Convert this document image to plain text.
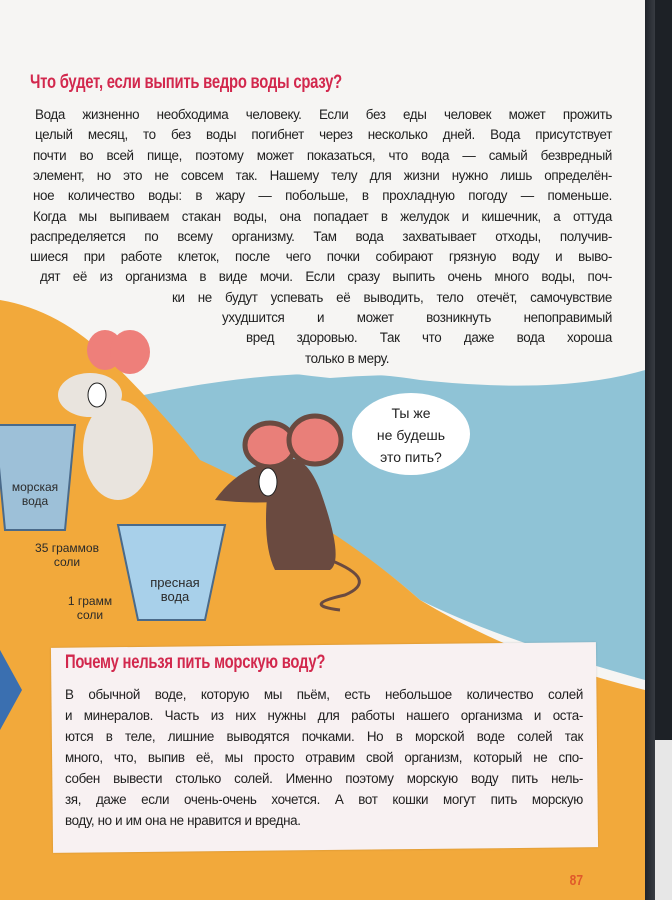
Что будет, если выпить ведро воды сразу?
Вода жизненно необходима человеку. Если без еды человек может прожить
целый месяц, то без воды погибнет через несколько дней. Вода присутствует
почти во всей пище, поэтому может показаться, что вода — самый безвредный
элемент, но это не совсем так. Нашему телу для жизни нужно лишь определён-
ное количество воды: в жару — побольше, в прохладную погоду — поменьше.
Когда мы выпиваем стакан воды, она попадает в желудок и кишечник, а оттуда
распределяется по всему организму. Там вода захватывает отходы, получив-
шиеся при работе клеток, после чего почки собирают грязную воду и выво-
дят её из организма в виде мочи. Если сразу выпить очень много воды, поч-
ки не будут успевать её выводить, тело отечёт, самочувствие
ухудшится и может возникнуть непоправимый
вред здоровью. Так что даже вода хороша
только в меру.
Ты же
не будешь
это пить?
морская
вода
35 граммов
соли
пресная
вода
1 грамм
соли
Почему нельзя пить морскую воду?
В обычной воде, которую мы пьём, есть небольшое количество солей
и минералов. Часть из них нужны для работы нашего организма и оста-
ются в теле, лишние выводятся почками. Но в морской воде солей так
много, что, выпив её, мы просто отравим свой организм, который не спо-
собен вывести столько солей. Именно поэтому морскую воду пить нель-
зя, даже если очень-очень хочется. А вот кошки могут пить морскую
воду, но и им она не нравится и вредна.
87
